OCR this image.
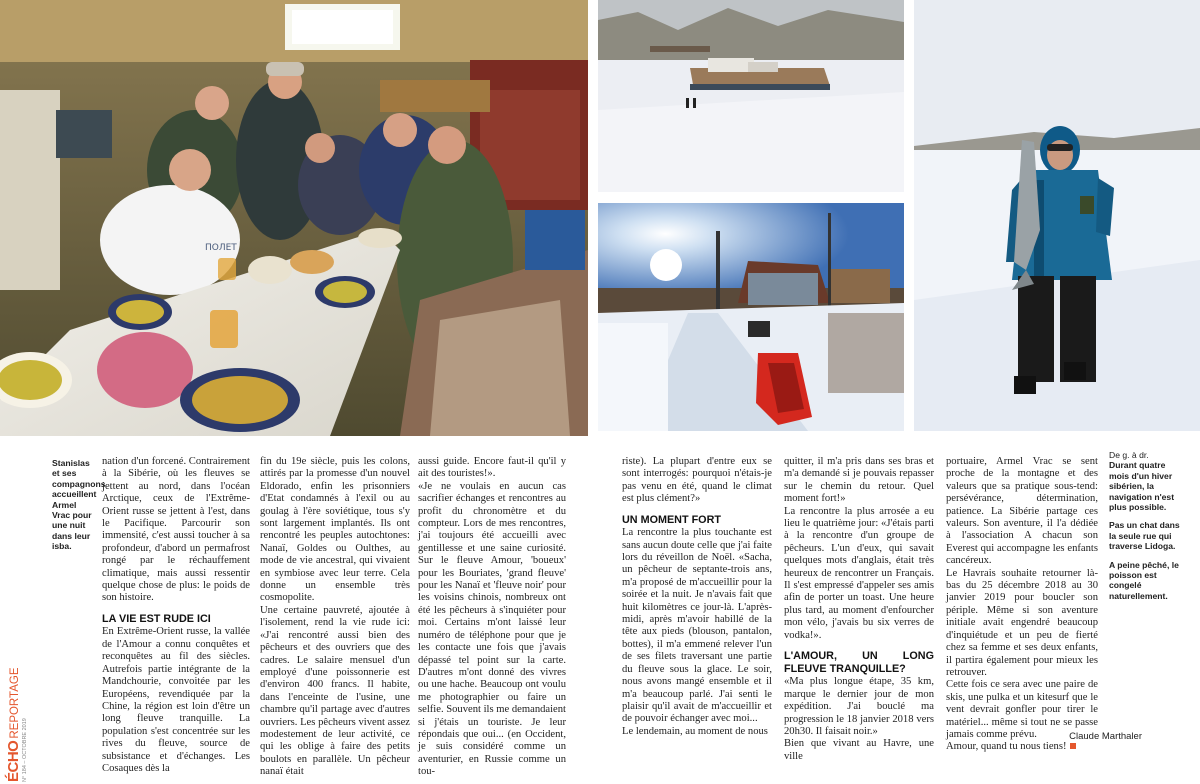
ПОЛЕТ

Stanislas et ses compagnons accueillent Armel Vrac pour une nuit dans leur isba.

nation d'un forcené. Contrairement à la Sibérie, où les fleuves se jettent au nord, dans l'océan Arctique, ceux de l'Extrême-Orient russe se jettent à l'est, dans le Pacifique. Parcourir son immensité, c'est aussi toucher à sa profondeur, d'abord un permafrost rongé par le réchauffement climatique, mais aussi ressentir quelque chose de plus: le poids de son histoire.

LA VIE EST RUDE ICI

En Extrême-Orient russe, la vallée de l'Amour a connu conquêtes et reconquêtes au fil des siècles. Autrefois partie intégrante de la Mandchourie, convoitée par les Européens, revendiquée par la Chine, la région est loin d'être un long fleuve tranquille. La population s'est concentrée sur les rives du fleuve, source de subsistance et d'échanges. Les Cosaques dès la

fin du 19e siècle, puis les colons, attirés par la promesse d'un nouvel Eldorado, enfin les prisonniers d'Etat condamnés à l'exil ou au goulag à l'ère soviétique, tous s'y sont largement implantés. Ils ont rencontré les peuples autochtones: Nanaï, Goldes ou Oulthes, au mode de vie ancestral, qui vivaient en symbiose avec leur terre. Cela donne un ensemble très cosmopolite.

Une certaine pauvreté, ajoutée à l'isolement, rend la vie rude ici: «J'ai rencontré aussi bien des pêcheurs et des ouvriers que des cadres. Le salaire mensuel d'un employé d'une poissonnerie est d'environ 400 francs. Il habite, dans l'enceinte de l'usine, une chambre qu'il partage avec d'autres ouvriers. Les pêcheurs vivent assez modestement de leur activité, ce qui les oblige à faire des petits boulots en parallèle. Un pêcheur nanaï était

aussi guide. Encore faut-il qu'il y ait des touristes!».

«Je ne voulais en aucun cas sacrifier échanges et rencontres au profit du chronomètre et du compteur. Lors de mes rencontres, j'ai toujours été accueilli avec gentillesse et une saine curiosité. Sur le fleuve Amour, 'boueux' pour les Bouriates, 'grand fleuve' pour les Nanaï et 'fleuve noir' pour les voisins chinois, nombreux ont été les pêcheurs à s'inquiéter pour moi. Certains m'ont laissé leur numéro de téléphone pour que je les contacte une fois que j'avais dépassé tel point sur la carte. D'autres m'ont donné des vivres ou une hache. Beaucoup ont voulu me photographier ou faire un selfie. Souvent ils me demandaient si j'étais un touriste. Je leur répondais que oui... (en Occident, je suis considéré comme un aventurier, en Russie comme un tou-

riste). La plupart d'entre eux se sont interrogés: pourquoi n'étais-je pas venu en été, quand le climat est plus clément?»

UN MOMENT FORT

La rencontre la plus touchante est sans aucun doute celle que j'ai faite lors du réveillon de Noël. «Sacha, un pêcheur de septante-trois ans, m'a proposé de m'accueillir pour la soirée et la nuit. Je n'avais fait que huit kilomètres ce jour-là. L'après-midi, après m'avoir habillé de la tête aux pieds (blouson, pantalon, bottes), il m'a emmené relever l'un de ses filets traversant une partie du fleuve sous la glace. Le soir, nous avons mangé ensemble et il m'a beaucoup parlé. J'ai senti le plaisir qu'il avait de m'accueillir et de pouvoir échanger avec moi...

Le lendemain, au moment de nous

quitter, il m'a pris dans ses bras et m'a demandé si je pouvais repasser sur le chemin du retour. Quel moment fort!»

La rencontre la plus arrosée a eu lieu le quatrième jour: «J'étais parti à la rencontre d'un groupe de pêcheurs. L'un d'eux, qui savait quelques mots d'anglais, était très heureux de rencontrer un Français. Il s'est empressé d'appeler ses amis afin de porter un toast. Une heure plus tard, au moment d'enfourcher mon vélo, j'avais bu six verres de vodka!».

L'AMOUR, UN LONG FLEUVE TRANQUILLE?

«Ma plus longue étape, 35 km, marque le dernier jour de mon expédition. J'ai bouclé ma progression le 18 janvier 2018 vers 20h30. Il faisait noir.»

Bien que vivant au Havre, une ville

portuaire, Armel Vrac se sent proche de la montagne et des valeurs que sa pratique sous-tend: persévérance, détermination, patience. La Sibérie partage ces valeurs. Son aventure, il l'a dédiée à l'association A chacun son Everest qui accompagne les enfants cancéreux.

Le Havrais souhaite retourner là-bas du 25 décembre 2018 au 30 janvier 2019 pour boucler son périple. Même si son aventure initiale avait engendré beaucoup d'inquiétude et un peu de fierté chez sa femme et ses deux enfants, il partira également pour mieux les retrouver.

Cette fois ce sera avec une paire de skis, une pulka et un kitesurf que le vent devrait gonfler pour tirer le matériel... même si tout ne se passe jamais comme prévu.

Amour, quand tu nous tiens!

Claude Marthaler

De g. à dr.

Durant quatre mois d'un hiver sibérien, la navigation n'est plus possible.

Pas un chat dans la seule rue qui traverse Lidoga.

A peine pêché, le poisson est congelé naturellement.

ÉCHOREPORTAGE
N° 184 – OCTOBRE 2019
